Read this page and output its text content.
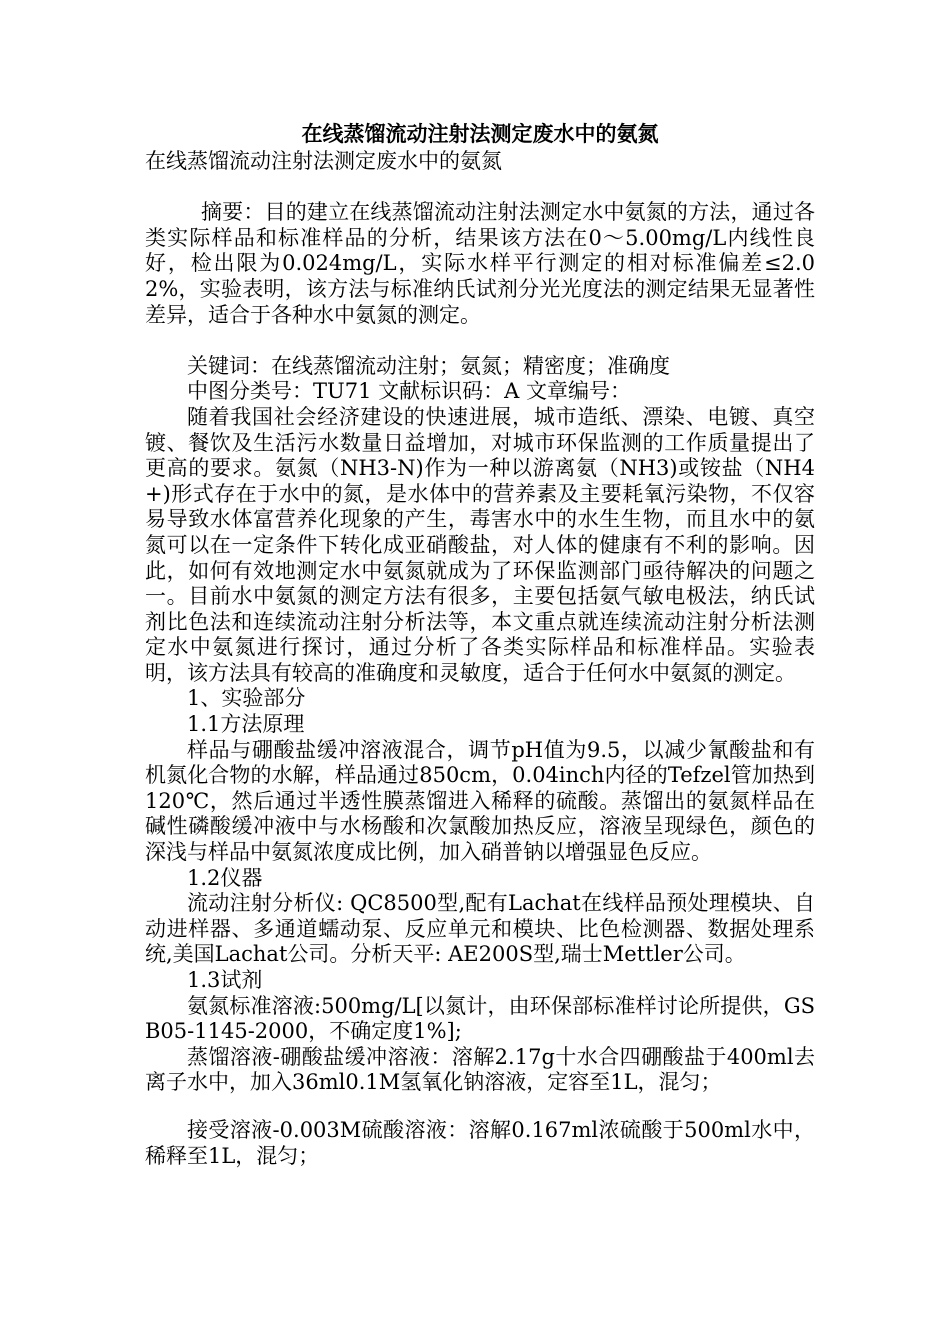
在线蒸馏流动注射法测定废水中的氨氮

在线蒸馏流动注射法测定废水中的氨氮

摘要：目的建立在线蒸馏流动注射法测定水中氨氮的方法，通过各类实际样品和标准样品的分析，结果该方法在0～5.00mg/L内线性良好，检出限为0.024mg/L，实际水样平行测定的相对标准偏差≤2.02%，实验表明，该方法与标准纳氏试剂分光光度法的测定结果无显著性差异，适合于各种水中氨氮的测定。

关键词：在线蒸馏流动注射；氨氮；精密度；准确度

中图分类号：TU71 文献标识码：A 文章编号：

随着我国社会经济建设的快速进展，城市造纸、漂染、电镀、真空镀、餐饮及生活污水数量日益增加，对城市环保监测的工作质量提出了更高的要求。氨氮（NH3-N)作为一种以游离氨（NH3)或铵盐（NH4+)形式存在于水中的氮，是水体中的营养素及主要耗氧污染物，不仅容易导致水体富营养化现象的产生，毒害水中的水生生物，而且水中的氨氮可以在一定条件下转化成亚硝酸盐，对人体的健康有不利的影响。因此，如何有效地测定水中氨氮就成为了环保监测部门亟待解决的问题之一。目前水中氨氮的测定方法有很多，主要包括氨气敏电极法，纳氏试剂比色法和连续流动注射分析法等，本文重点就连续流动注射分析法测定水中氨氮进行探讨，通过分析了各类实际样品和标准样品。实验表明，该方法具有较高的准确度和灵敏度，适合于任何水中氨氮的测定。

1、实验部分

1.1方法原理

样品与硼酸盐缓冲溶液混合，调节pH值为9.5，以减少氰酸盐和有机氮化合物的水解，样品通过850cm，0.04inch内径的Tefzel管加热到120℃，然后通过半透性膜蒸馏进入稀释的硫酸。蒸馏出的氨氮样品在碱性磷酸缓冲液中与水杨酸和次氯酸加热反应，溶液呈现绿色，颜色的深浅与样品中氨氮浓度成比例，加入硝普钠以增强显色反应。

1.2仪器

流动注射分析仪: QC8500型,配有Lachat在线样品预处理模块、自动进样器、多通道蠕动泵、反应单元和模块、比色检测器、数据处理系统,美国Lachat公司。分析天平: AE200S型,瑞士Mettler公司。

1.3试剂

氨氮标准溶液:500mg/L[以氮计，由环保部标准样讨论所提供，GSB05-1145-2000，不确定度1%];

蒸馏溶液-硼酸盐缓冲溶液：溶解2.17g十水合四硼酸盐于400ml去离子水中，加入36ml0.1M氢氧化钠溶液，定容至1L，混匀；

接受溶液-0.003M硫酸溶液：溶解0.167ml浓硫酸于500ml水中，稀释至1L，混匀；
